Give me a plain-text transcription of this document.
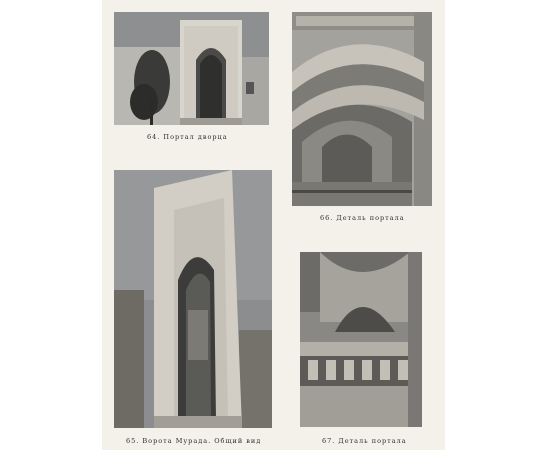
64. Портал дворца
66. Деталь портала
65. Ворота Мурада. Общий вид	67. Деталь портала
